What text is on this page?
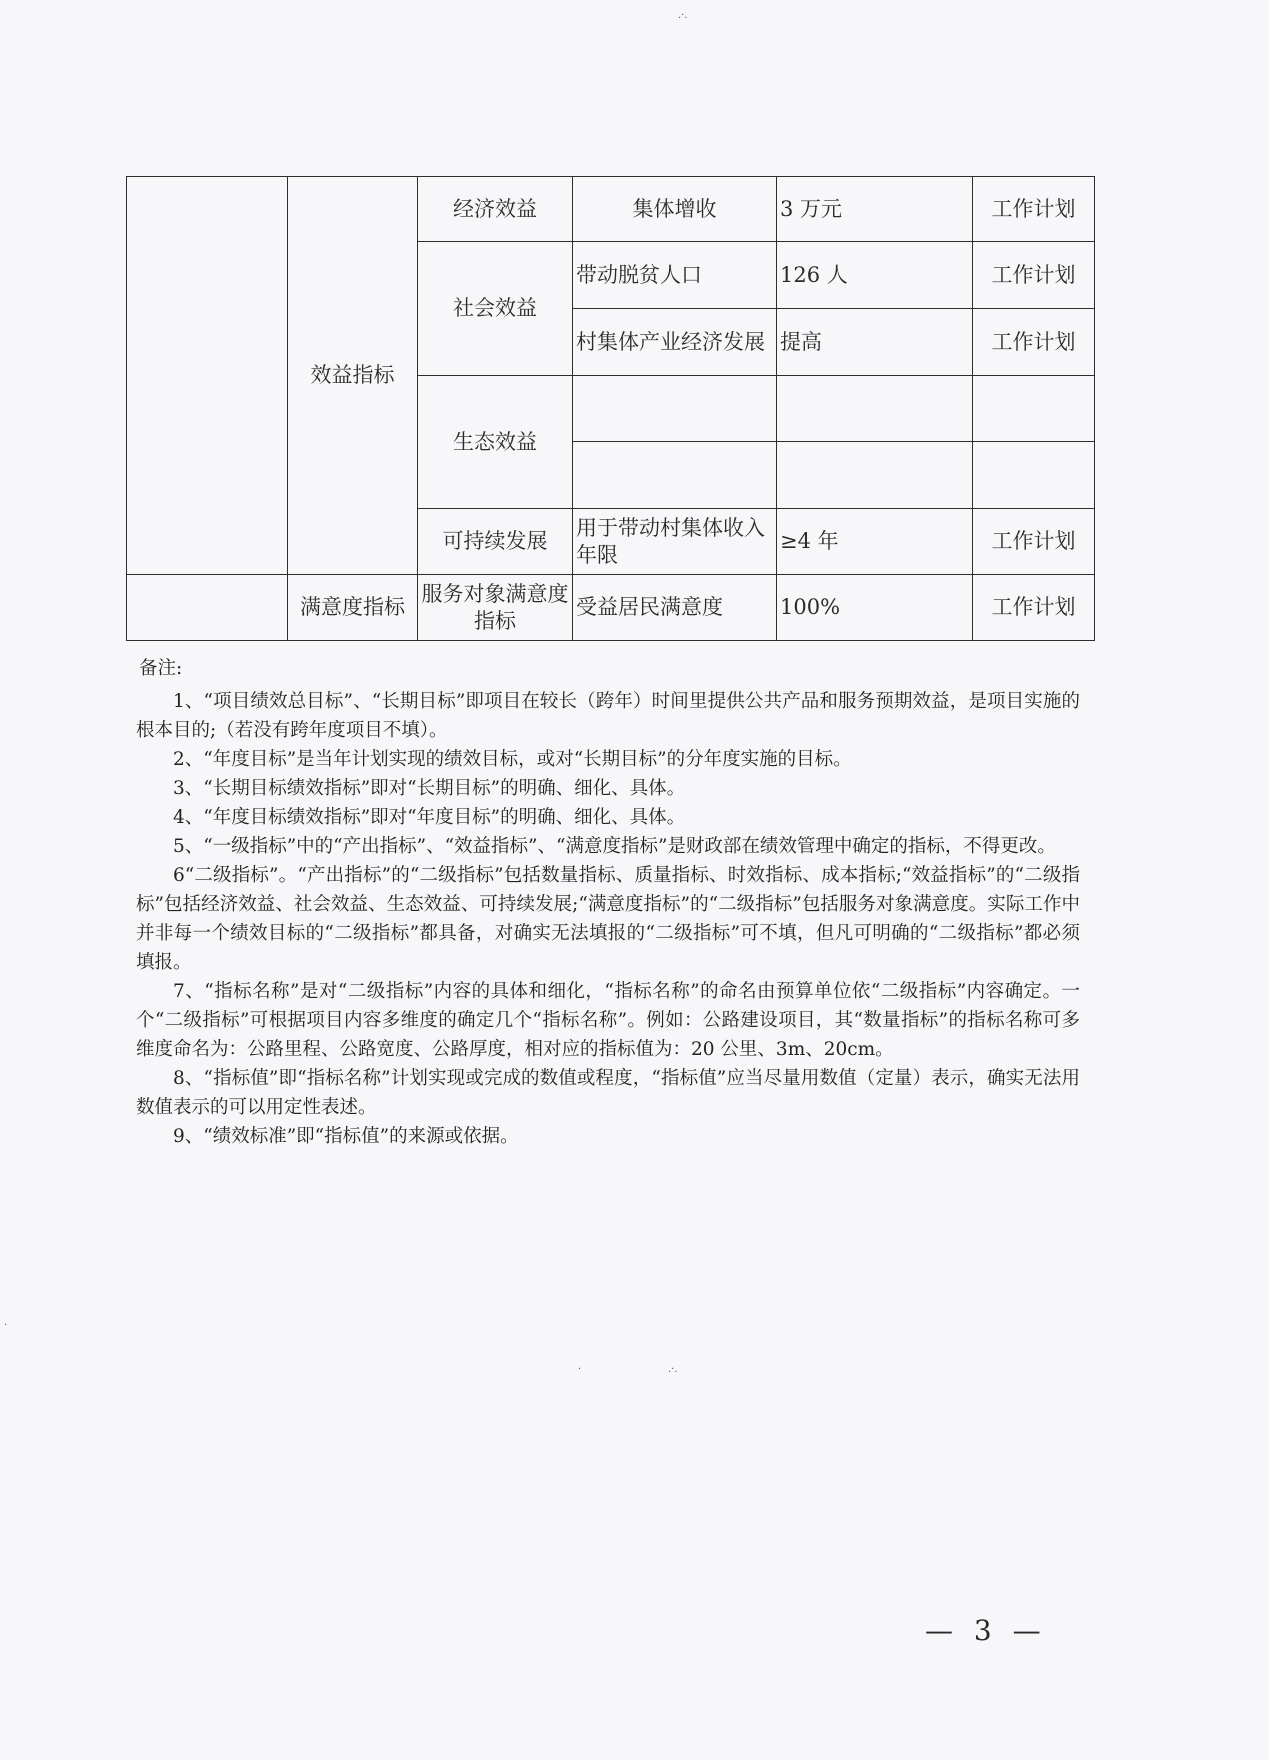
	效益指标	经济效益	集体增收	3 万元	工作计划
		社会效益	带动脱贫人口	126 人	工作计划
			村集体产业经济发展	提高	工作计划
		生态效益			

		可持续发展	用于带动村集体收入年限	≥4 年	工作计划
	满意度指标	服务对象满意度指标	受益居民满意度	100%	工作计划
备注:

1、“项目绩效总目标”、“长期目标”即项目在较长（跨年）时间里提供公共产品和服务预期效益，是项目实施的根本目的;（若没有跨年度项目不填）。

2、“年度目标”是当年计划实现的绩效目标，或对“长期目标”的分年度实施的目标。

3、“长期目标绩效指标”即对“长期目标”的明确、细化、具体。

4、“年度目标绩效指标”即对“年度目标”的明确、细化、具体。

5、“一级指标”中的“产出指标”、“效益指标”、“满意度指标”是财政部在绩效管理中确定的指标，不得更改。

6“二级指标”。“产出指标”的“二级指标”包括数量指标、质量指标、时效指标、成本指标;“效益指标”的“二级指标”包括经济效益、社会效益、生态效益、可持续发展;“满意度指标”的“二级指标”包括服务对象满意度。实际工作中并非每一个绩效目标的“二级指标”都具备，对确实无法填报的“二级指标”可不填，但凡可明确的“二级指标”都必须填报。

7、“指标名称”是对“二级指标”内容的具体和细化，“指标名称”的命名由预算单位依“二级指标”内容确定。一个“二级指标”可根据项目内容多维度的确定几个“指标名称”。例如：公路建设项目，其“数量指标”的指标名称可多维度命名为：公路里程、公路宽度、公路厚度，相对应的指标值为：20 公里、3m、20cm。

8、“指标值”即“指标名称”计划实现或完成的数值或程度，“指标值”应当尽量用数值（定量）表示，确实无法用数值表示的可以用定性表述。

9、“绩效标准”即“指标值”的来源或依据。

— 3 —
.·.
.·.
·
·
